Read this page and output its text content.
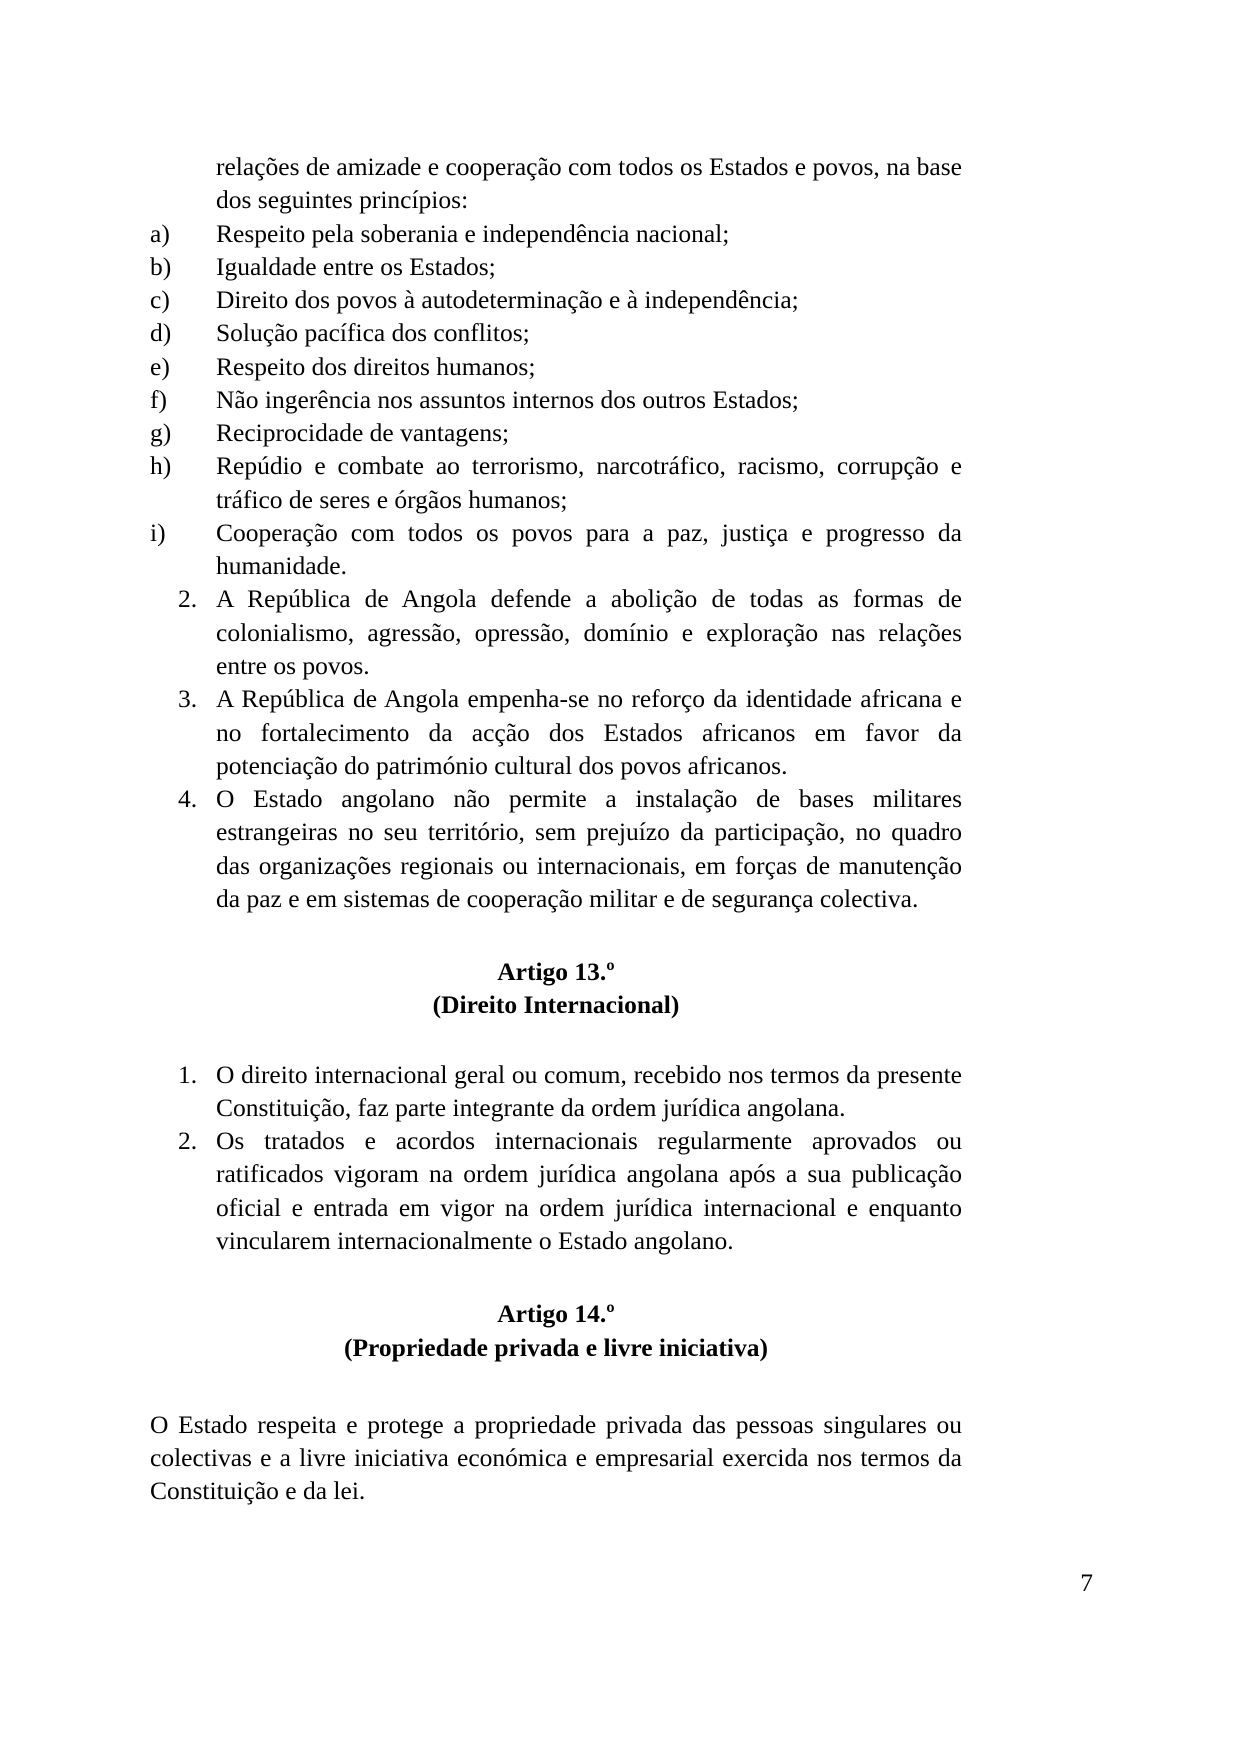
relações de amizade e cooperação com todos os Estados e povos, na base dos seguintes princípios:

a)	Respeito pela soberania e independência nacional;
b)	Igualdade entre os Estados;
c)	Direito dos povos à autodeterminação e à independência;
d)	Solução pacífica dos conflitos;
e)	Respeito dos direitos humanos;
f)	Não ingerência nos assuntos internos dos outros Estados;
g)	Reciprocidade de vantagens;
h)	Repúdio e combate ao terrorismo, narcotráfico, racismo, corrupção e tráfico de seres e órgãos humanos;
i)	Cooperação com todos os povos para a paz, justiça e progresso da humanidade.
2. A República de Angola defende a abolição de todas as formas de colonialismo, agressão, opressão, domínio e exploração nas relações entre os povos.
3. A República de Angola empenha-se no reforço da identidade africana e no fortalecimento da acção dos Estados africanos em favor da potenciação do património cultural dos povos africanos.
4. O Estado angolano não permite a instalação de bases militares estrangeiras no seu território, sem prejuízo da participação, no quadro das organizações regionais ou internacionais, em forças de manutenção da paz e em sistemas de cooperação militar e de segurança colectiva.
Artigo 13.º
(Direito Internacional)
1. O direito internacional geral ou comum, recebido nos termos da presente Constituição, faz parte integrante da ordem jurídica angolana.
2. Os tratados e acordos internacionais regularmente aprovados ou ratificados vigoram na ordem jurídica angolana após a sua publicação oficial e entrada em vigor na ordem jurídica internacional e enquanto vincularem internacionalmente o Estado angolano.
Artigo 14.º
(Propriedade privada e livre iniciativa)

O Estado respeita e protege a propriedade privada das pessoas singulares ou colectivas e a livre iniciativa económica e empresarial exercida nos termos da Constituição e da lei.

7
